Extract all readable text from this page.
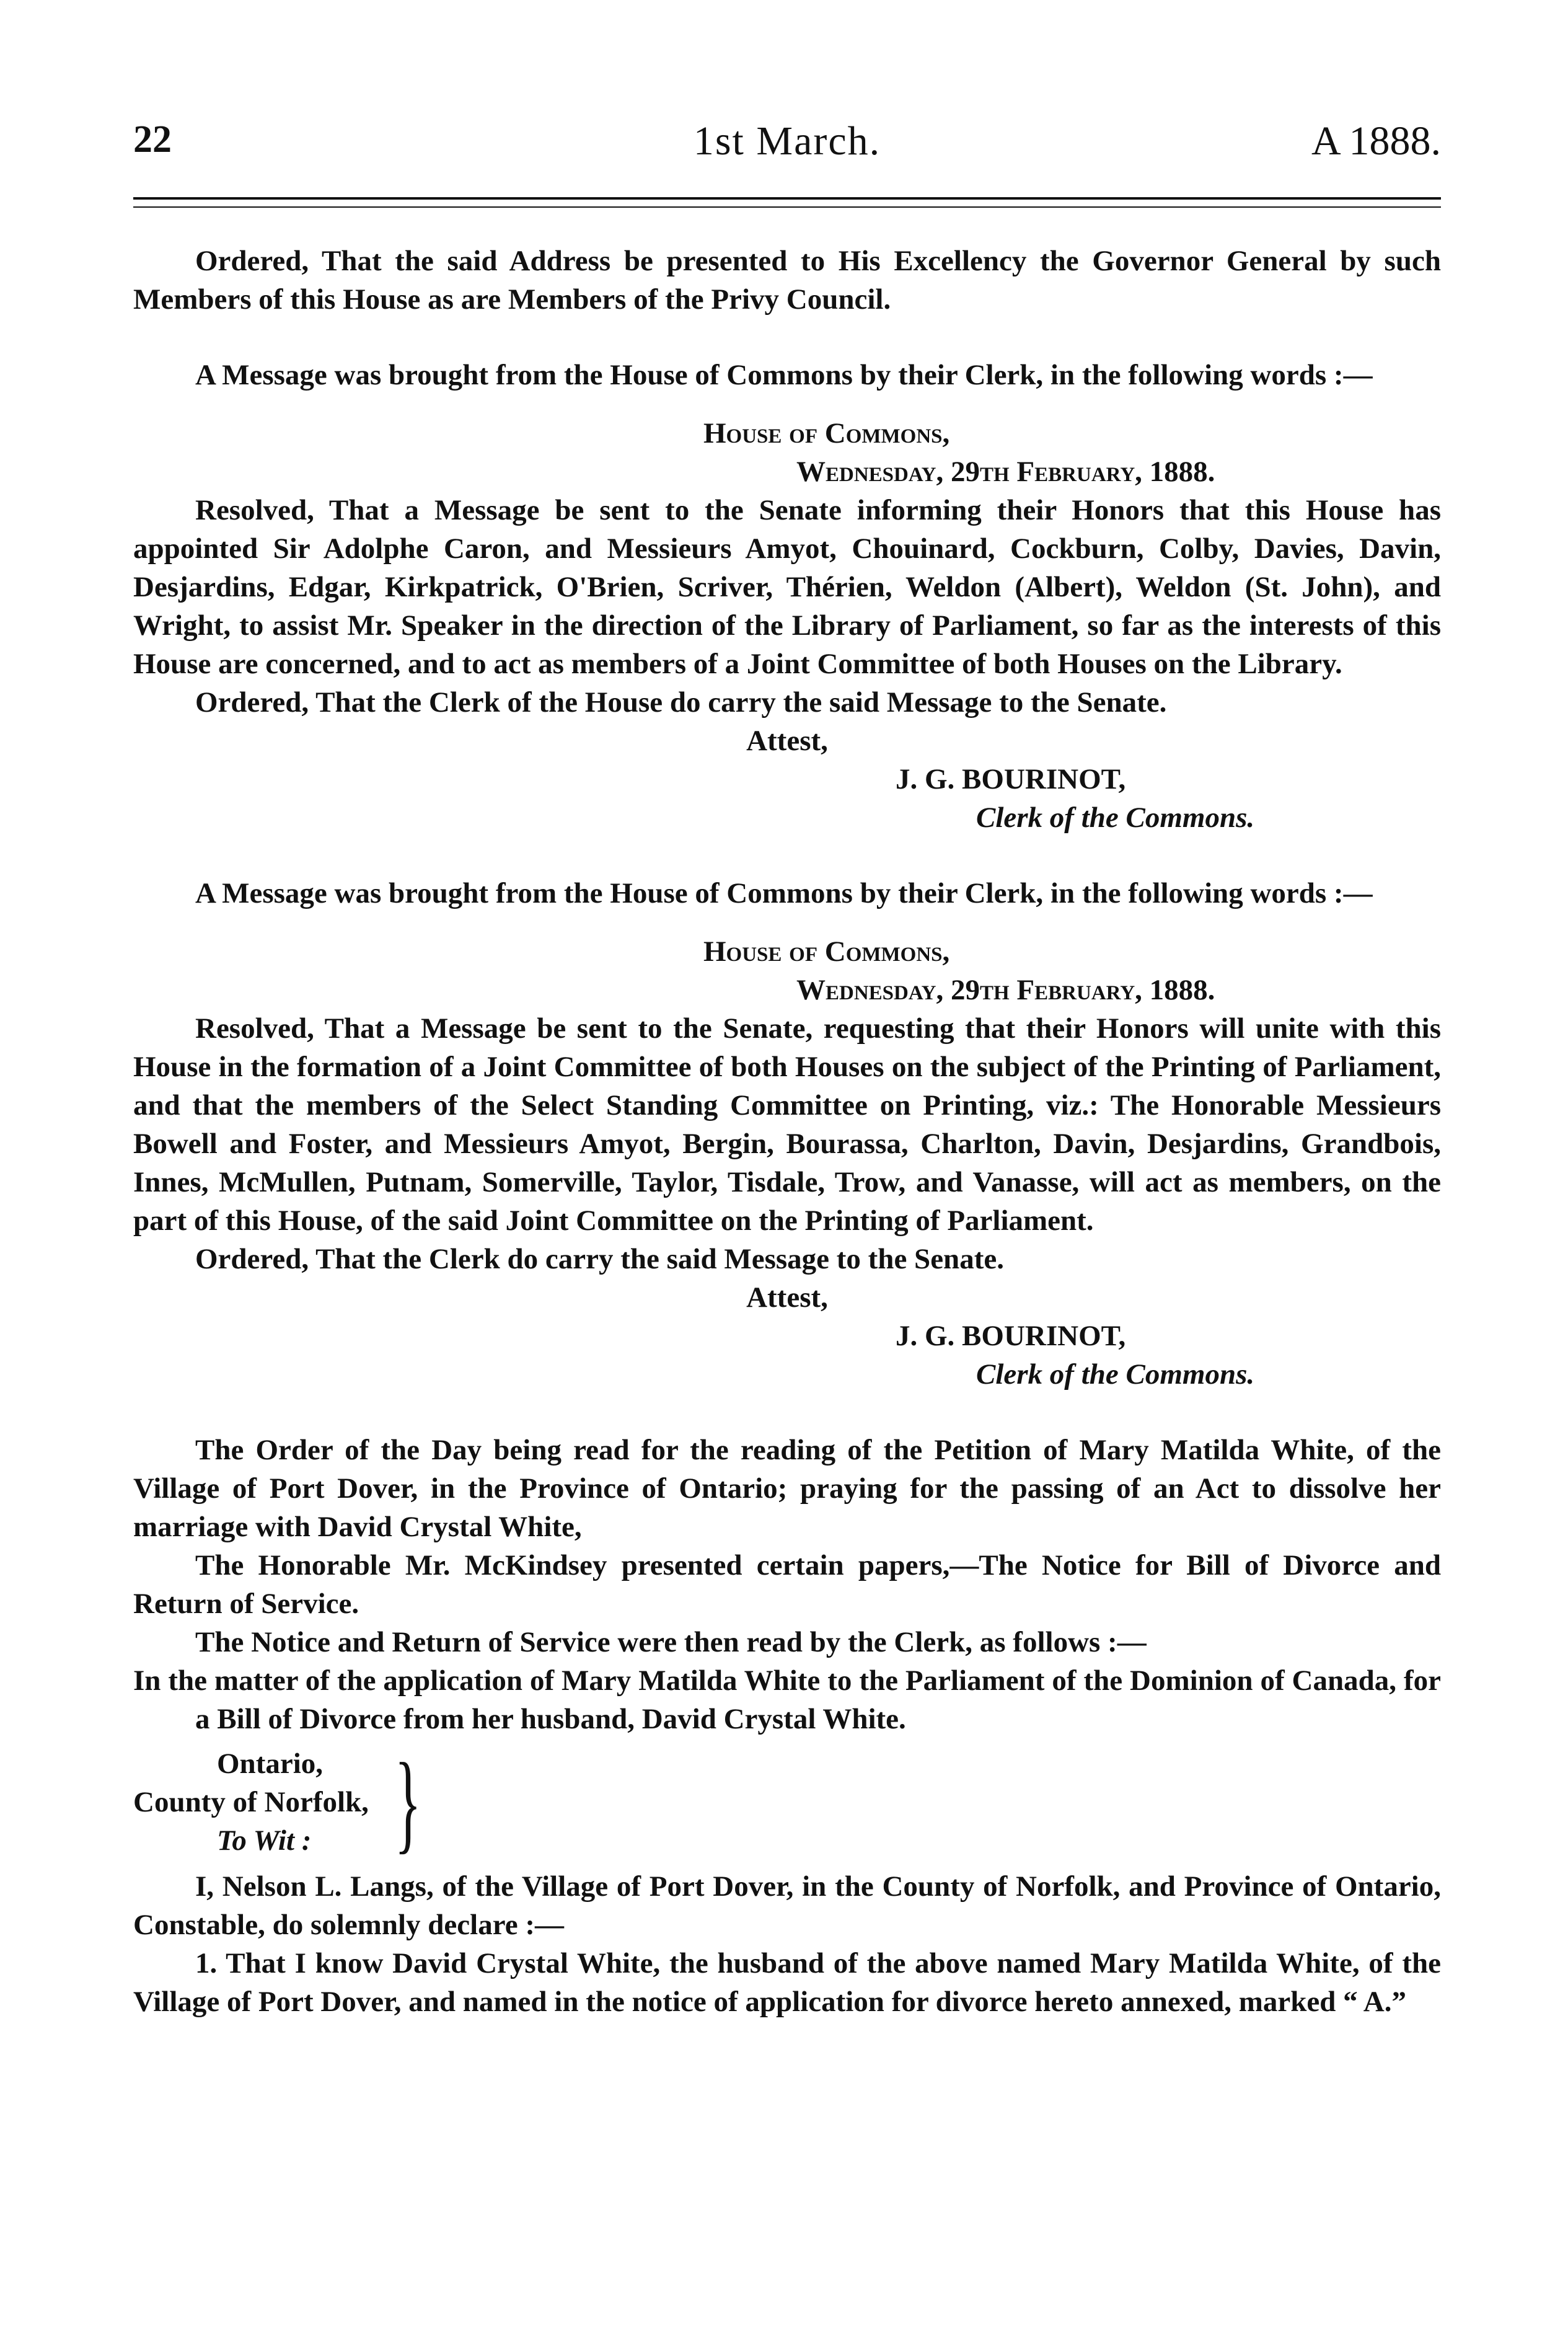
22	1st March.	A 1888.

Ordered, That the said Address be presented to His Excellency the Governor General by such Members of this House as are Members of the Privy Council.

A Message was brought from the House of Commons by their Clerk, in the following words :—

House of Commons,

Wednesday, 29th February, 1888.

Resolved, That a Message be sent to the Senate informing their Honors that this House has appointed Sir Adolphe Caron, and Messieurs Amyot, Chouinard, Cockburn, Colby, Davies, Davin, Desjardins, Edgar, Kirkpatrick, O'Brien, Scriver, Thérien, Weldon (Albert), Weldon (St. John), and Wright, to assist Mr. Speaker in the direction of the Library of Parliament, so far as the interests of this House are concerned, and to act as members of a Joint Committee of both Houses on the Library.

Ordered, That the Clerk of the House do carry the said Message to the Senate.

Attest,

J. G. BOURINOT,

Clerk of the Commons.

A Message was brought from the House of Commons by their Clerk, in the following words :—

House of Commons,

Wednesday, 29th February, 1888.

Resolved, That a Message be sent to the Senate, requesting that their Honors will unite with this House in the formation of a Joint Committee of both Houses on the subject of the Printing of Parliament, and that the members of the Select Standing Committee on Printing, viz.: The Honorable Messieurs Bowell and Foster, and Messieurs Amyot, Bergin, Bourassa, Charlton, Davin, Desjardins, Grandbois, Innes, McMullen, Putnam, Somerville, Taylor, Tisdale, Trow, and Vanasse, will act as members, on the part of this House, of the said Joint Committee on the Printing of Parliament.

Ordered, That the Clerk do carry the said Message to the Senate.

Attest,

J. G. BOURINOT,

Clerk of the Commons.

The Order of the Day being read for the reading of the Petition of Mary Matilda White, of the Village of Port Dover, in the Province of Ontario; praying for the passing of an Act to dissolve her marriage with David Crystal White,

The Honorable Mr. McKindsey presented certain papers,—The Notice for Bill of Divorce and Return of Service.

The Notice and Return of Service were then read by the Clerk, as follows :—

In the matter of the application of Mary Matilda White to the Parliament of the Dominion of Canada, for a Bill of Divorce from her husband, David Crystal White.

Ontario,
County of Norfolk,
To Wit : }

I, Nelson L. Langs, of the Village of Port Dover, in the County of Norfolk, and Province of Ontario, Constable, do solemnly declare :—

1. That I know David Crystal White, the husband of the above named Mary Matilda White, of the Village of Port Dover, and named in the notice of application for divorce hereto annexed, marked “ A.”
